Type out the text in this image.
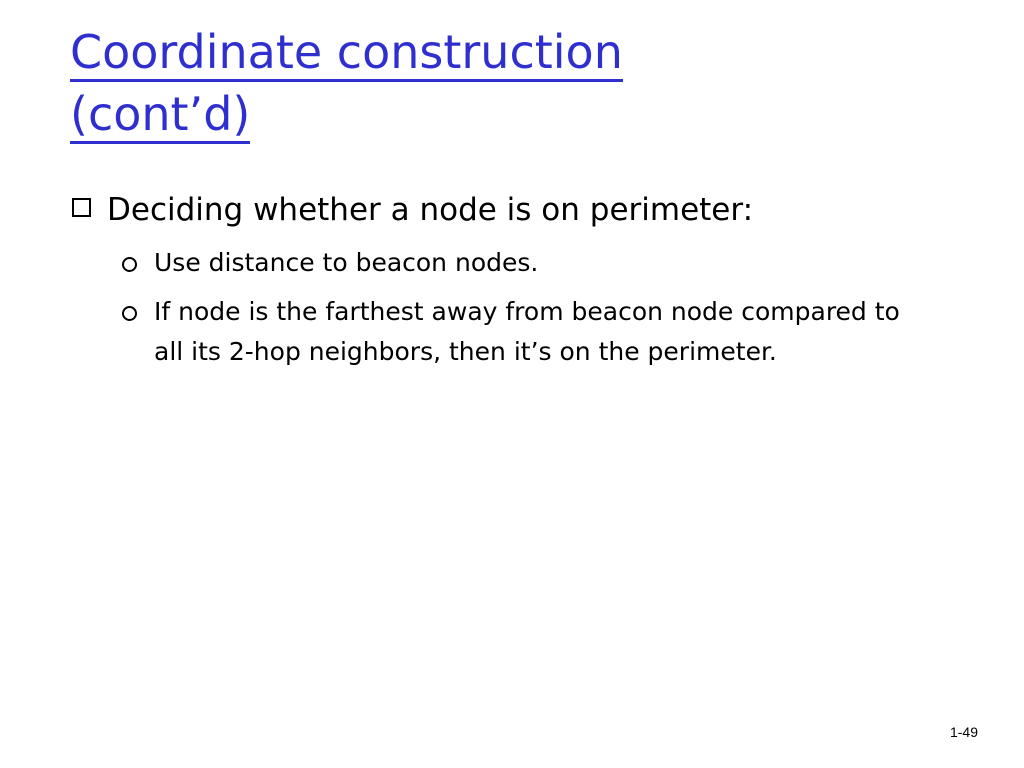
Coordinate construction
(cont’d)
Deciding whether a node is on perimeter:
Use distance to beacon nodes.
If node is the farthest away from beacon node compared to all its 2-hop neighbors, then it’s on the perimeter.
1-49
